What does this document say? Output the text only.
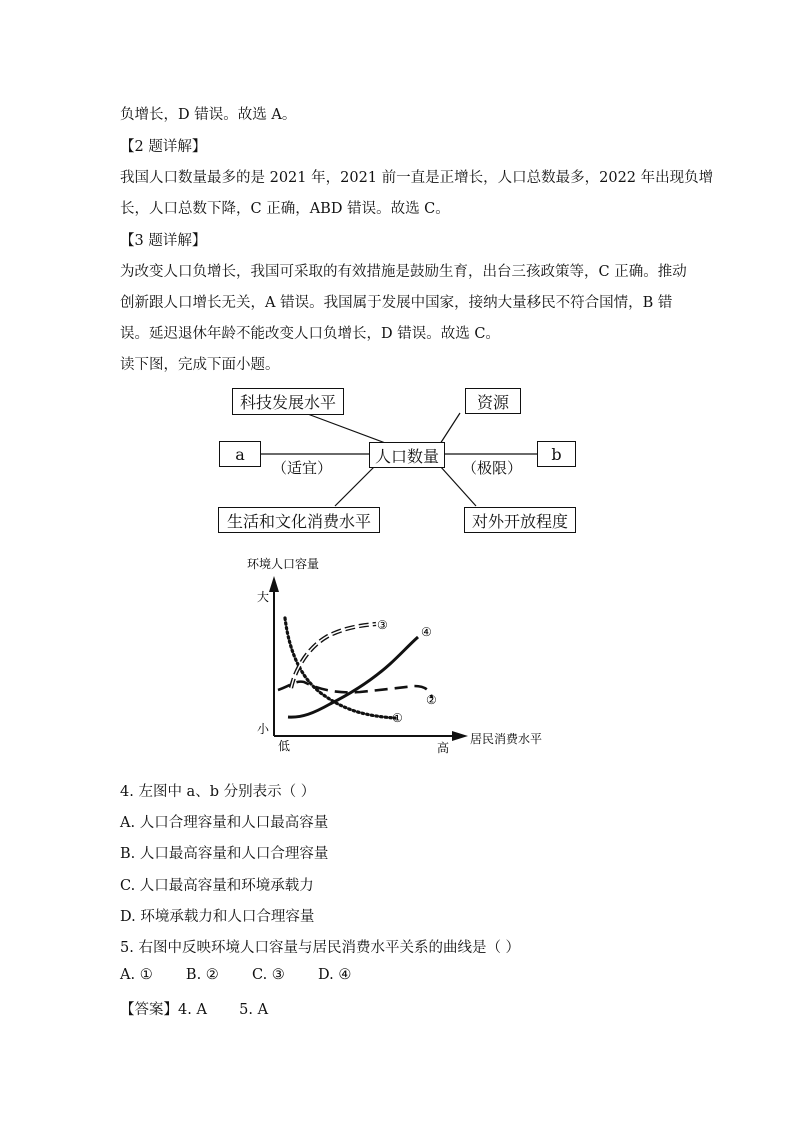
负增长，D 错误。故选 A。
【2 题详解】
我国人口数量最多的是 2021 年，2021 前一直是正增长，人口总数最多，2022 年出现负增
长，人口总数下降，C 正确，ABD 错误。故选 C。
【3 题详解】
为改变人口负增长，我国可采取的有效措施是鼓励生育，出台三孩政策等，C 正确。推动
创新跟人口增长无关，A 错误。我国属于发展中国家，接纳大量移民不符合国情，B 错
误。延迟退休年龄不能改变人口负增长，D 错误。故选 C。
读下图，完成下面小题。
科技发展水平	资源
a	人口数量	b
生活和文化消费水平	对外开放程度
（适宜）	（极限）
环境人口容量
大
小
低	高
居民消费水平
①
②
③	④
4. 左图中 a、b 分别表示（ ）
A. 人口合理容量和人口最高容量
B. 人口最高容量和人口合理容量
C. 人口最高容量和环境承载力
D. 环境承载力和人口合理容量
5. 右图中反映环境人口容量与居民消费水平关系的曲线是（ ）
A. ① B. ② C. ③ D. ④
【答案】4. A       5. A
